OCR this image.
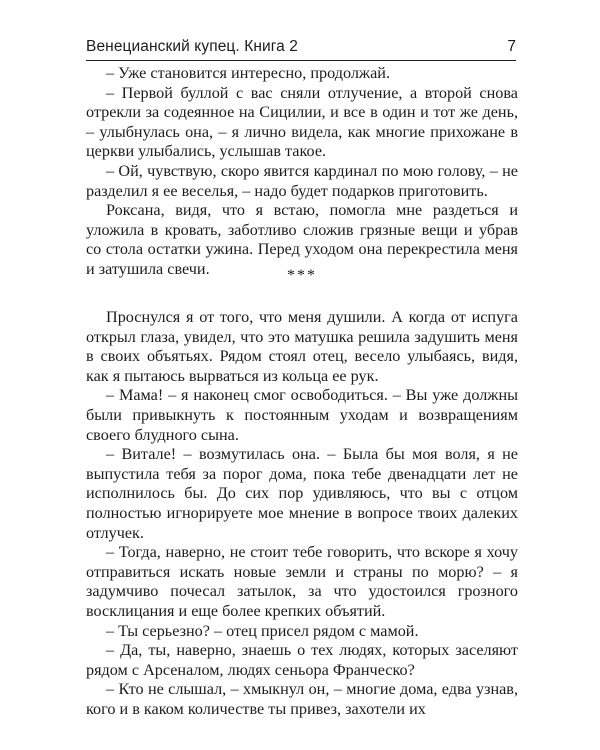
Венецианский купец. Книга 2	7

– Уже становится интересно, продолжай.

– Первой буллой с вас сняли отлучение, а второй снова отрекли за содеянное на Сицилии, и все в один и тот же день, – улыбнулась она, – я лично видела, как многие прихожане в церкви улыбались, услышав такое.

– Ой, чувствую, скоро явится кардинал по мою голову, – не разделил я ее веселья, – надо будет подарков приготовить.

Роксана, видя, что я встаю, помогла мне раздеться и уложила в кровать, заботливо сложив грязные вещи и убрав со стола остатки ужина. Перед уходом она перекрестила меня и затушила свечи.	***

Проснулся я от того, что меня душили. А когда от испуга открыл глаза, увидел, что это матушка решила задушить меня в своих объятьях. Рядом стоял отец, весело улыбаясь, видя, как я пытаюсь вырваться из кольца ее рук.

– Мама! – я наконец смог освободиться. – Вы уже должны были привыкнуть к постоянным уходам и возвращениям своего блудного сына.

– Витале! – возмутилась она. – Была бы моя воля, я не выпустила тебя за порог дома, пока тебе двенадцати лет не исполнилось бы. До сих пор удивляюсь, что вы с отцом полностью игнорируете мое мнение в вопросе твоих далеких отлучек.

– Тогда, наверно, не стоит тебе говорить, что вскоре я хочу отправиться искать новые земли и страны по морю? – я задумчиво почесал затылок, за что удостоился грозного восклицания и еще более крепких объятий.

– Ты серьезно? – отец присел рядом с мамой.

– Да, ты, наверно, знаешь о тех людях, которых заселяют рядом с Арсеналом, людях сеньора Франческо?

– Кто не слышал, – хмыкнул он, – многие дома, едва узнав, кого и в каком количестве ты привез, захотели их
